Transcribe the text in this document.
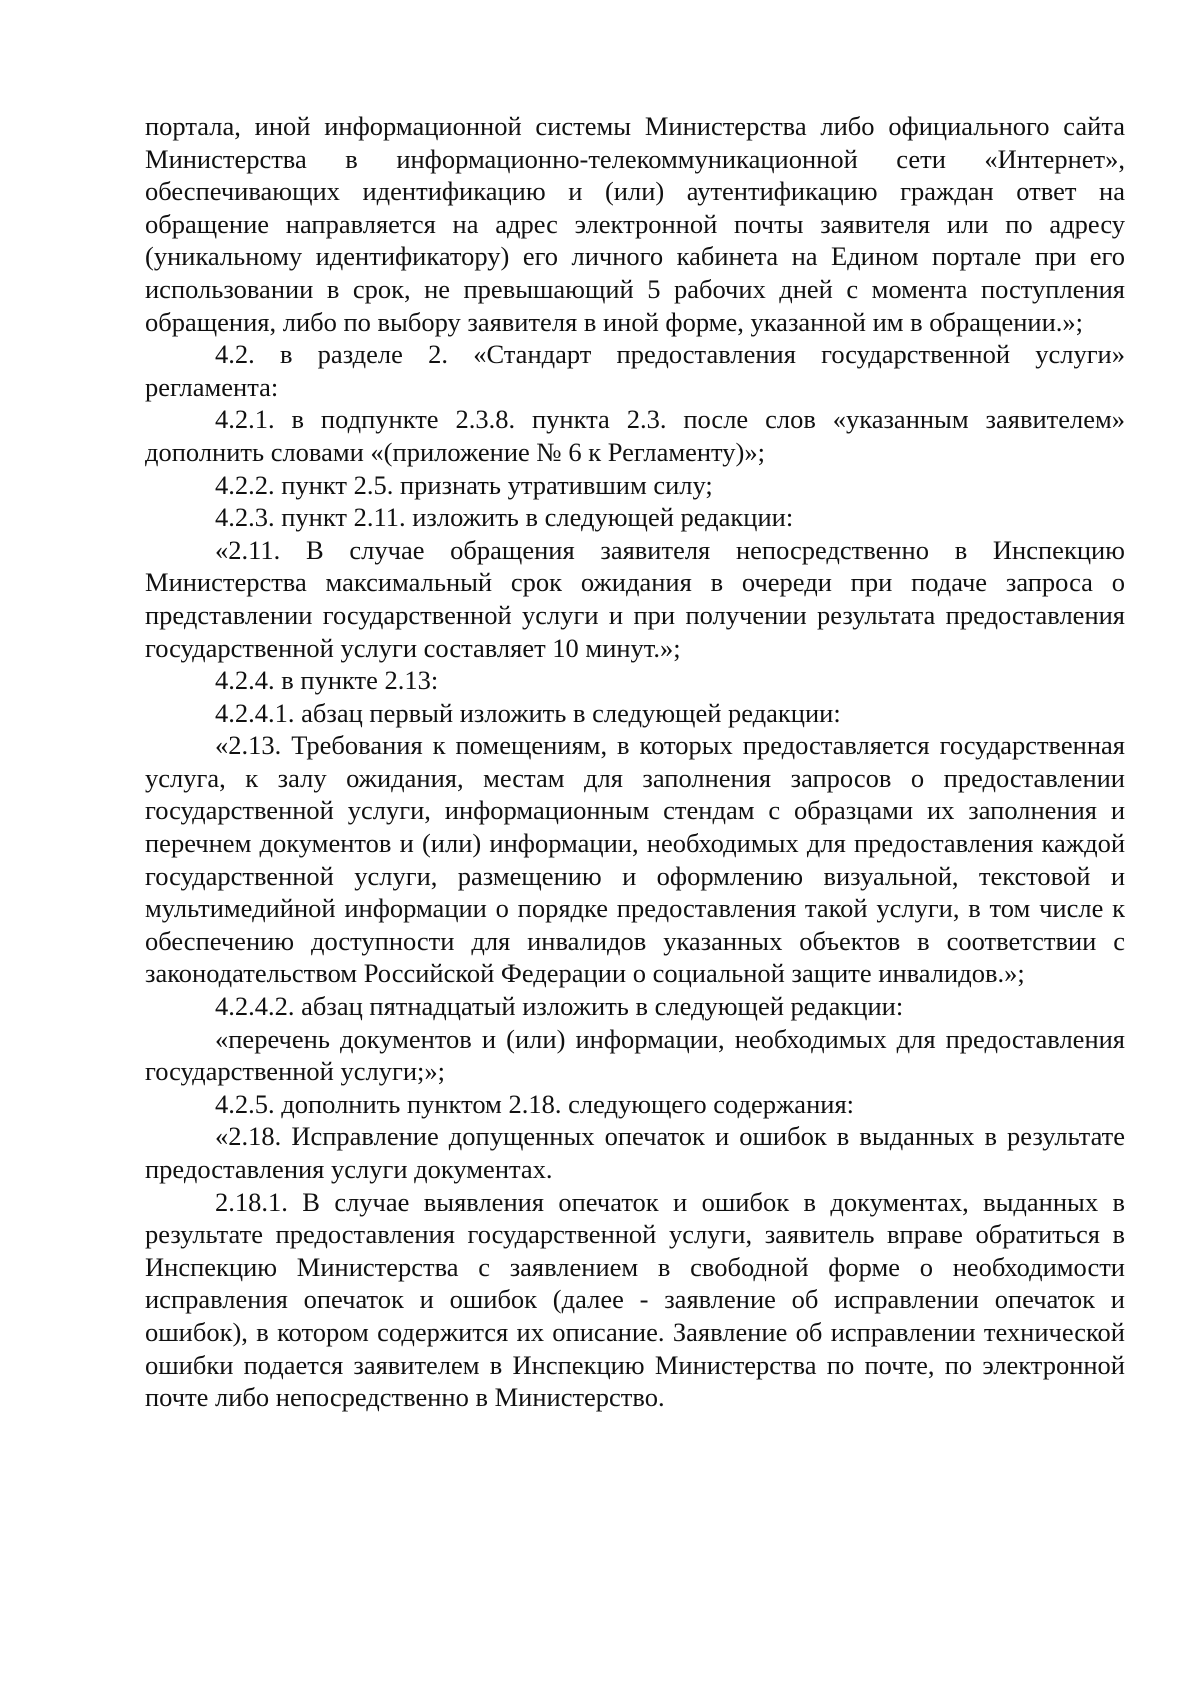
портала, иной информационной системы Министерства либо официального сайта Министерства в информационно-телекоммуникационной сети «Интернет», обеспечивающих идентификацию и (или) аутентификацию граждан ответ на обращение направляется на адрес электронной почты заявителя или по адресу (уникальному идентификатору) его личного кабинета на Едином портале при его использовании в срок, не превышающий 5 рабочих дней с момента поступления обращения, либо по выбору заявителя в иной форме, указанной им в обращении.»;

4.2. в разделе 2. «Стандарт предоставления государственной услуги» регламента:

4.2.1. в подпункте 2.3.8. пункта 2.3. после слов «указанным заявителем» дополнить словами «(приложение № 6 к Регламенту)»;

4.2.2. пункт 2.5. признать утратившим силу;

4.2.3. пункт 2.11. изложить в следующей редакции:

«2.11. В случае обращения заявителя непосредственно в Инспекцию Министерства максимальный срок ожидания в очереди при подаче запроса о представлении государственной услуги и при получении результата предоставления государственной услуги составляет 10 минут.»;

4.2.4. в пункте 2.13:

4.2.4.1. абзац первый изложить в следующей редакции:

«2.13. Требования к помещениям, в которых предоставляется государственная услуга, к залу ожидания, местам для заполнения запросов о предоставлении государственной услуги, информационным стендам с образцами их заполнения и перечнем документов и (или) информации, необходимых для предоставления каждой государственной услуги, размещению и оформлению визуальной, текстовой и мультимедийной информации о порядке предоставления такой услуги, в том числе к обеспечению доступности для инвалидов указанных объектов в соответствии с законодательством Российской Федерации о социальной защите инвалидов.»;

4.2.4.2. абзац пятнадцатый изложить в следующей редакции:

«перечень документов и (или) информации, необходимых для предоставления государственной услуги;»;

4.2.5. дополнить пунктом 2.18. следующего содержания:

«2.18. Исправление допущенных опечаток и ошибок в выданных в результате предоставления услуги документах.

2.18.1. В случае выявления опечаток и ошибок в документах, выданных в результате предоставления государственной услуги, заявитель вправе обратиться в Инспекцию Министерства с заявлением в свободной форме о необходимости исправления опечаток и ошибок (далее - заявление об исправлении опечаток и ошибок), в котором содержится их описание. Заявление об исправлении технической ошибки подается заявителем в Инспекцию Министерства по почте, по электронной почте либо непосредственно в Министерство.
